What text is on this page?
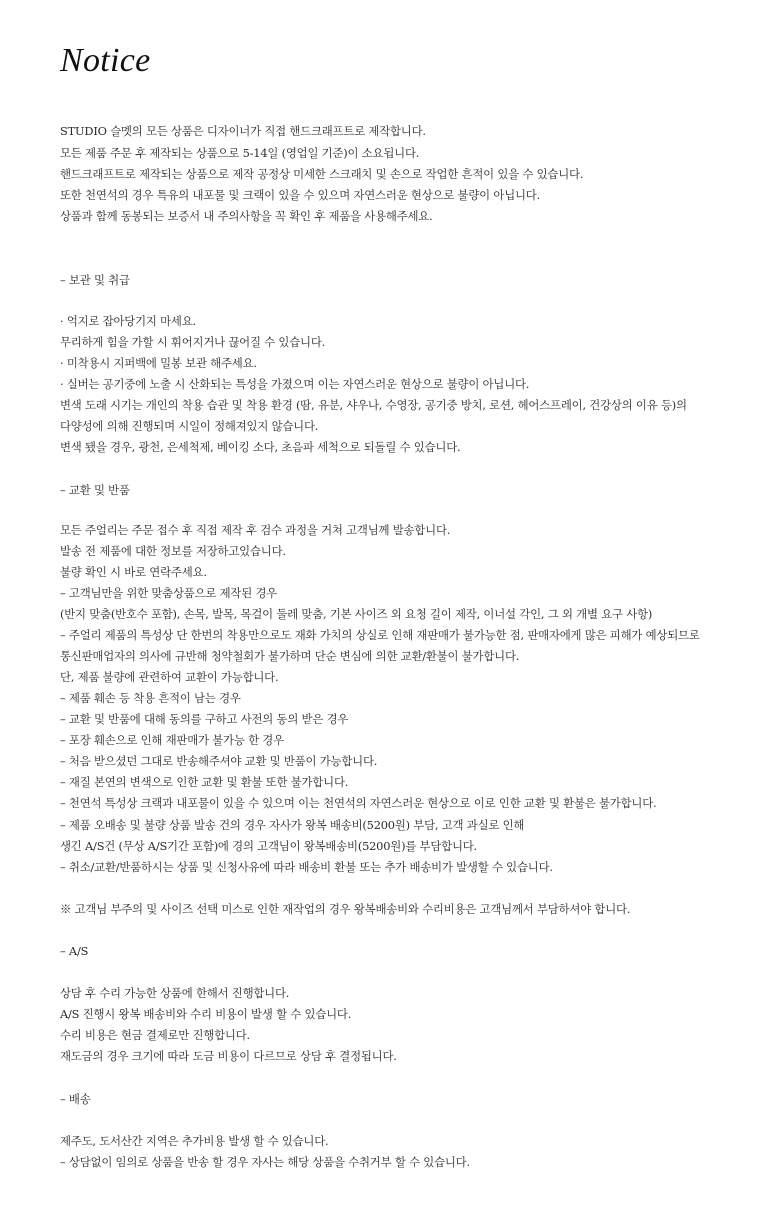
Notice
STUDIO 슬멧의 모든 상품은 디자이너가 직접 핸드크래프트로 제작합니다.
모든 제품 주문 후 제작되는 상품으로 5-14일 (영업일 기준)이 소요됩니다.
핸드크래프트로 제작되는 상품으로 제작 공정상 미세한 스크래치 및 손으로 작업한 흔적이 있을 수 있습니다.
또한 천연석의 경우 특유의 내포물 및 크랙이 있을 수 있으며 자연스러운 현상으로 불량이 아닙니다.
상품과 함께 동봉되는 보증서 내 주의사항을 꼭 확인 후 제품을 사용해주세요.
– 보관 및 취급
· 억지로 잡아당기지 마세요.
무리하게 힘을 가할 시 휘어지거나 끊어질 수 있습니다.
· 미착용시 지퍼백에 밀봉 보관 해주세요.
· 실버는 공기중에 노출 시 산화되는 특성을 가졌으며 이는 자연스러운 현상으로 불량이 아닙니다.
변색 도래 시기는 개인의 착용 습관 및 착용 환경 (땀, 유분, 샤우나, 수영장, 공기중 방치, 로션, 헤어스프레이, 건강상의 이유 등)의
다양성에 의해 진행되며 시일이 정해져있지 않습니다.
변색 됐을 경우, 광천, 은세척제, 베이킹 소다, 초음파 세척으로 되돌릴 수 있습니다.
– 교환 및 반품
모든 주얼리는 주문 접수 후 직접 제작 후 검수 과정을 거쳐 고객님께 발송합니다.
발송 전 제품에 대한 정보를 저장하고있습니다.
불량 확인 시 바로 연락주세요.
– 고객님만을 위한 맞춤상품으로 제작된 경우
(반지 맞춤(반호수 포함), 손목, 발목, 목걸이 둘레 맞춤, 기본 사이즈 외 요청 길이 제작, 이너설 각인, 그 외 개별 요구 사항)
– 주얼리 제품의 특성상 단 한번의 착용만으로도 재화 가치의 상실로 인해 재판매가 불가능한 점, 판매자에게 많은 피해가 예상되므로
통신판매업자의 의사에 규반해 청약철회가 불가하며 단순 변심에 의한 교환/환불이 불가합니다.
단, 제품 불량에 관련하여 교환이 가능합니다.
– 제품 훼손 등 착용 흔적이 남는 경우
– 교환 및 반품에 대해 동의를 구하고 사전의 동의 받은 경우
– 포장 훼손으로 인해 재판매가 불가능 한 경우
– 처음 받으셨던 그대로 반송해주셔야 교환 및 반품이 가능합니다.
– 재질 본연의 변색으로 인한 교환 및 환불 또한 불가합니다.
– 천연석 특성상 크랙과 내포물이 있을 수 있으며 이는 천연석의 자연스러운 현상으로 이로 인한 교환 및 환불은 불가합니다.
– 제품 오배송 및 불량 상품 발송 건의 경우 자사가 왕복 배송비(5200원) 부담, 고객 과실로 인해
생긴 A/S건 (무상 A/S기간 포함)에 경의 고객님이 왕복배송비(5200원)를 부담합니다.
– 취소/교환/반품하시는 상품 및 신청사유에 따라 배송비 환불 또는 추가 배송비가 발생할 수 있습니다.
※ 고객님 부주의 및 사이즈 선택 미스로 인한 재작업의 경우 왕복배송비와 수리비용은 고객님께서 부담하셔야 합니다.
– A/S
상담 후 수리 가능한 상품에 한해서 진행합니다.
A/S 진행시 왕복 배송비와 수리 비용이 발생 할 수 있습니다.
수리 비용은 현금 결제로만 진행합니다.
재도금의 경우 크기에 따라 도금 비용이 다르므로 상담 후 결정됩니다.
– 배송
제주도, 도서산간 지역은 추가비용 발생 할 수 있습니다.
– 상담없이 임의로 상품을 반송 할 경우 자사는 해당 상품을 수취거부 할 수 있습니다.
